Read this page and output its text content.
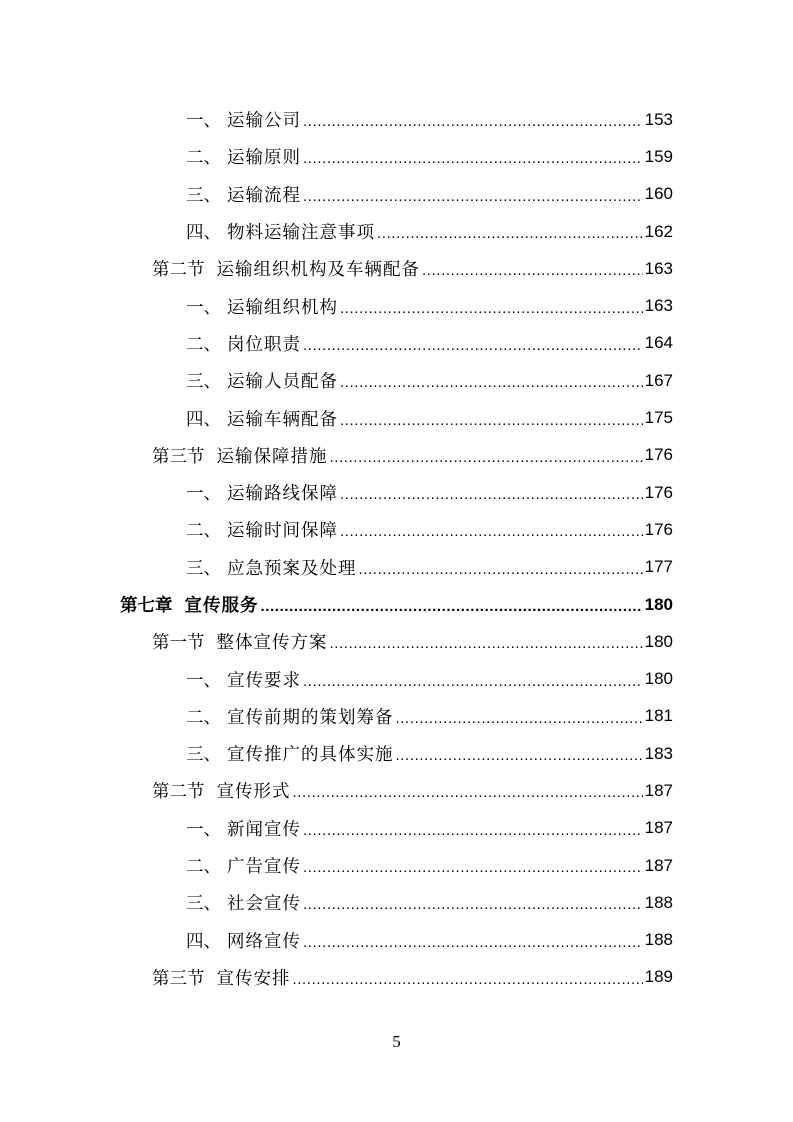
一、 运输公司 .....	153
二、 运输原则 .....	159
三、 运输流程 .....	160
四、 物料运输注意事项 .....	162
第二节 运输组织机构及车辆配备 .....	163
一、 运输组织机构 .....	163
二、 岗位职责 .....	164
三、 运输人员配备 .....	167
四、 运输车辆配备 .....	175
第三节 运输保障措施 .....	176
一、 运输路线保障 .....	176
二、 运输时间保障 .....	176
三、 应急预案及处理 .....	177
第七章 宣传服务 .....	180
第一节 整体宣传方案 .....	180
一、 宣传要求 .....	180
二、 宣传前期的策划筹备 .....	181
三、 宣传推广的具体实施 .....	183
第二节 宣传形式 .....	187
一、 新闻宣传 .....	187
二、 广告宣传 .....	187
三、 社会宣传 .....	188
四、 网络宣传 .....	188
第三节 宣传安排 .....	189
5
